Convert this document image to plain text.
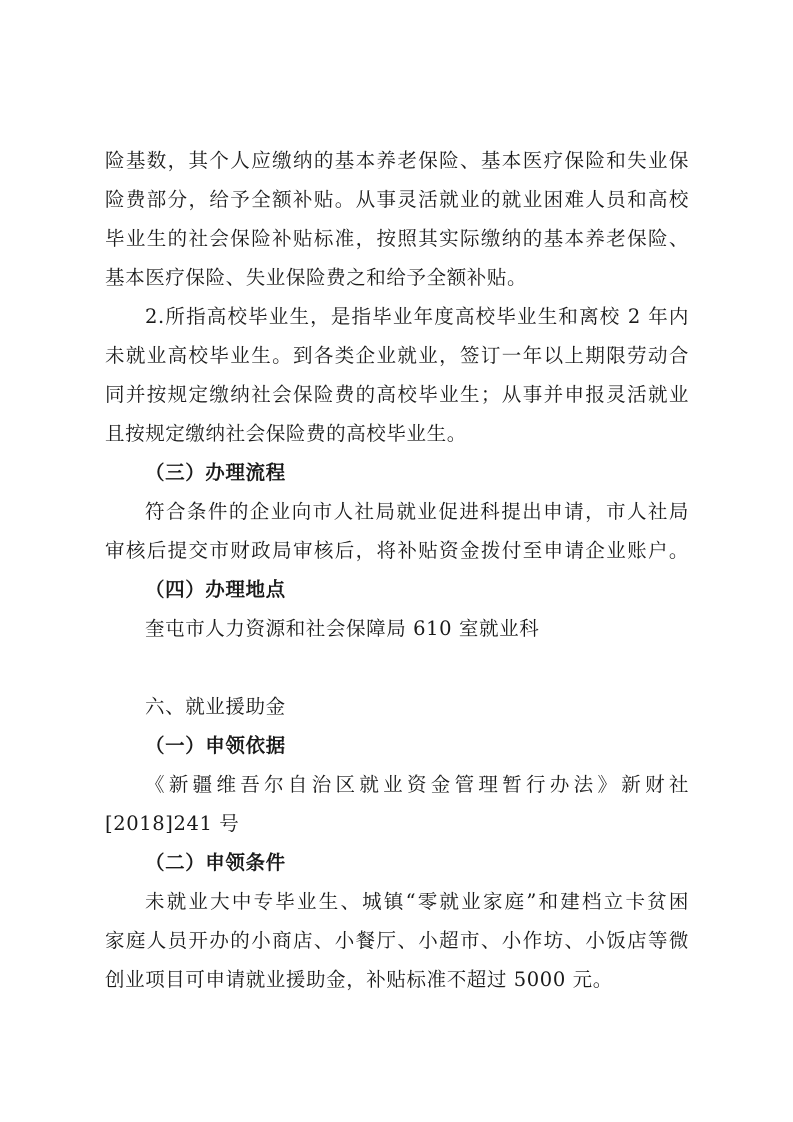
险基数，其个人应缴纳的基本养老保险、基本医疗保险和失业保
险费部分，给予全额补贴。从事灵活就业的就业困难人员和高校
毕业生的社会保险补贴标准，按照其实际缴纳的基本养老保险、
基本医疗保险、失业保险费之和给予全额补贴。
2.所指高校毕业生，是指毕业年度高校毕业生和离校 2 年内
未就业高校毕业生。到各类企业就业，签订一年以上期限劳动合
同并按规定缴纳社会保险费的高校毕业生；从事并申报灵活就业
且按规定缴纳社会保险费的高校毕业生。
（三）办理流程
符合条件的企业向市人社局就业促进科提出申请，市人社局
审核后提交市财政局审核后，将补贴资金拨付至申请企业账户。
（四）办理地点
奎屯市人力资源和社会保障局 610 室就业科
六、就业援助金
（一）申领依据
《新疆维吾尔自治区就业资金管理暂行办法》新财社
[2018]241 号
（二）申领条件
未就业大中专毕业生、城镇“零就业家庭”和建档立卡贫困
家庭人员开办的小商店、小餐厅、小超市、小作坊、小饭店等微
创业项目可申请就业援助金，补贴标准不超过 5000 元。
